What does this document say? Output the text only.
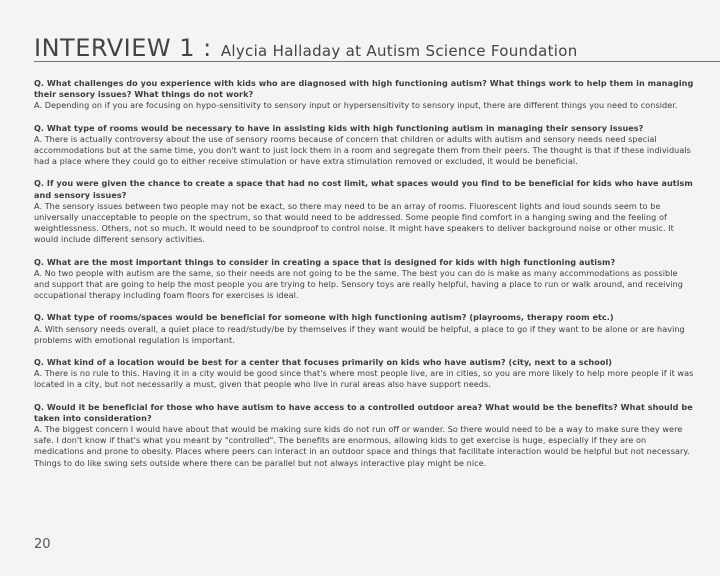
INTERVIEW 1 : Alycia Halladay at Autism Science Foundation

Q. What challenges do you experience with kids who are diagnosed with high functioning autism? What things work to help them in managing their sensory issues? What things do not work?

A. Depending on if you are focusing on hypo-sensitivity to sensory input or hypersensitivity to sensory input, there are different things you need to consider.

Q. What type of rooms would be necessary to have in assisting kids with high functioning autism in managing their sensory issues?

A. There is actually controversy about the use of sensory rooms because of concern that children or adults with autism and sensory needs need special accommodations but at the same time, you don't want to just lock them in a room and segregate them from their peers. The thought is that if these individuals had a place where they could go to either receive stimulation or have extra stimulation removed or excluded, it would be beneficial.

Q. If you were given the chance to create a space that had no cost limit, what spaces would you find to be beneficial for kids who have autism and sensory issues?

A. The sensory issues between two people may not be exact, so there may need to be an array of rooms. Fluorescent lights and loud sounds seem to be universally unacceptable to people on the spectrum, so that would need to be addressed. Some people find comfort in a hanging swing and the feeling of weightlessness. Others, not so much. It would need to be soundproof to control noise. It might have speakers to deliver background noise or other music. It would include different sensory activities.

Q. What are the most important things to consider in creating a space that is designed for kids with high functioning autism?

A. No two people with autism are the same, so their needs are not going to be the same. The best you can do is make as many accommodations as possible and support that are going to help the most people you are trying to help. Sensory toys are really helpful, having a place to run or walk around, and receiving occupational therapy including foam floors for exercises is ideal.

Q. What type of rooms/spaces would be beneficial for someone with high functioning autism? (playrooms, therapy room etc.)

A. With sensory needs overall, a quiet place to read/study/be by themselves if they want would be helpful, a place to go if they want to be alone or are having problems with emotional regulation is important.

Q. What kind of a location would be best for a center that focuses primarily on kids who have autism? (city, next to a school)

A. There is no rule to this. Having it in a city would be good since that's where most people live, are in cities, so you are more likely to help more people if it was located in a city, but not necessarily a must, given that people who live in rural areas also have support needs.

Q. Would it be beneficial for those who have autism to have access to a controlled outdoor area? What would be the benefits? What should be taken into consideration?

A. The biggest concern I would have about that would be making sure kids do not run off or wander. So there would need to be a way to make sure they were safe. I don't know if that's what you meant by "controlled". The benefits are enormous, allowing kids to get exercise is huge, especially if they are on medications and prone to obesity. Places where peers can interact in an outdoor space and things that facilitate interaction would be helpful but not necessary. Things to do like swing sets outside where there can be parallel but not always interactive play might be nice.

20
